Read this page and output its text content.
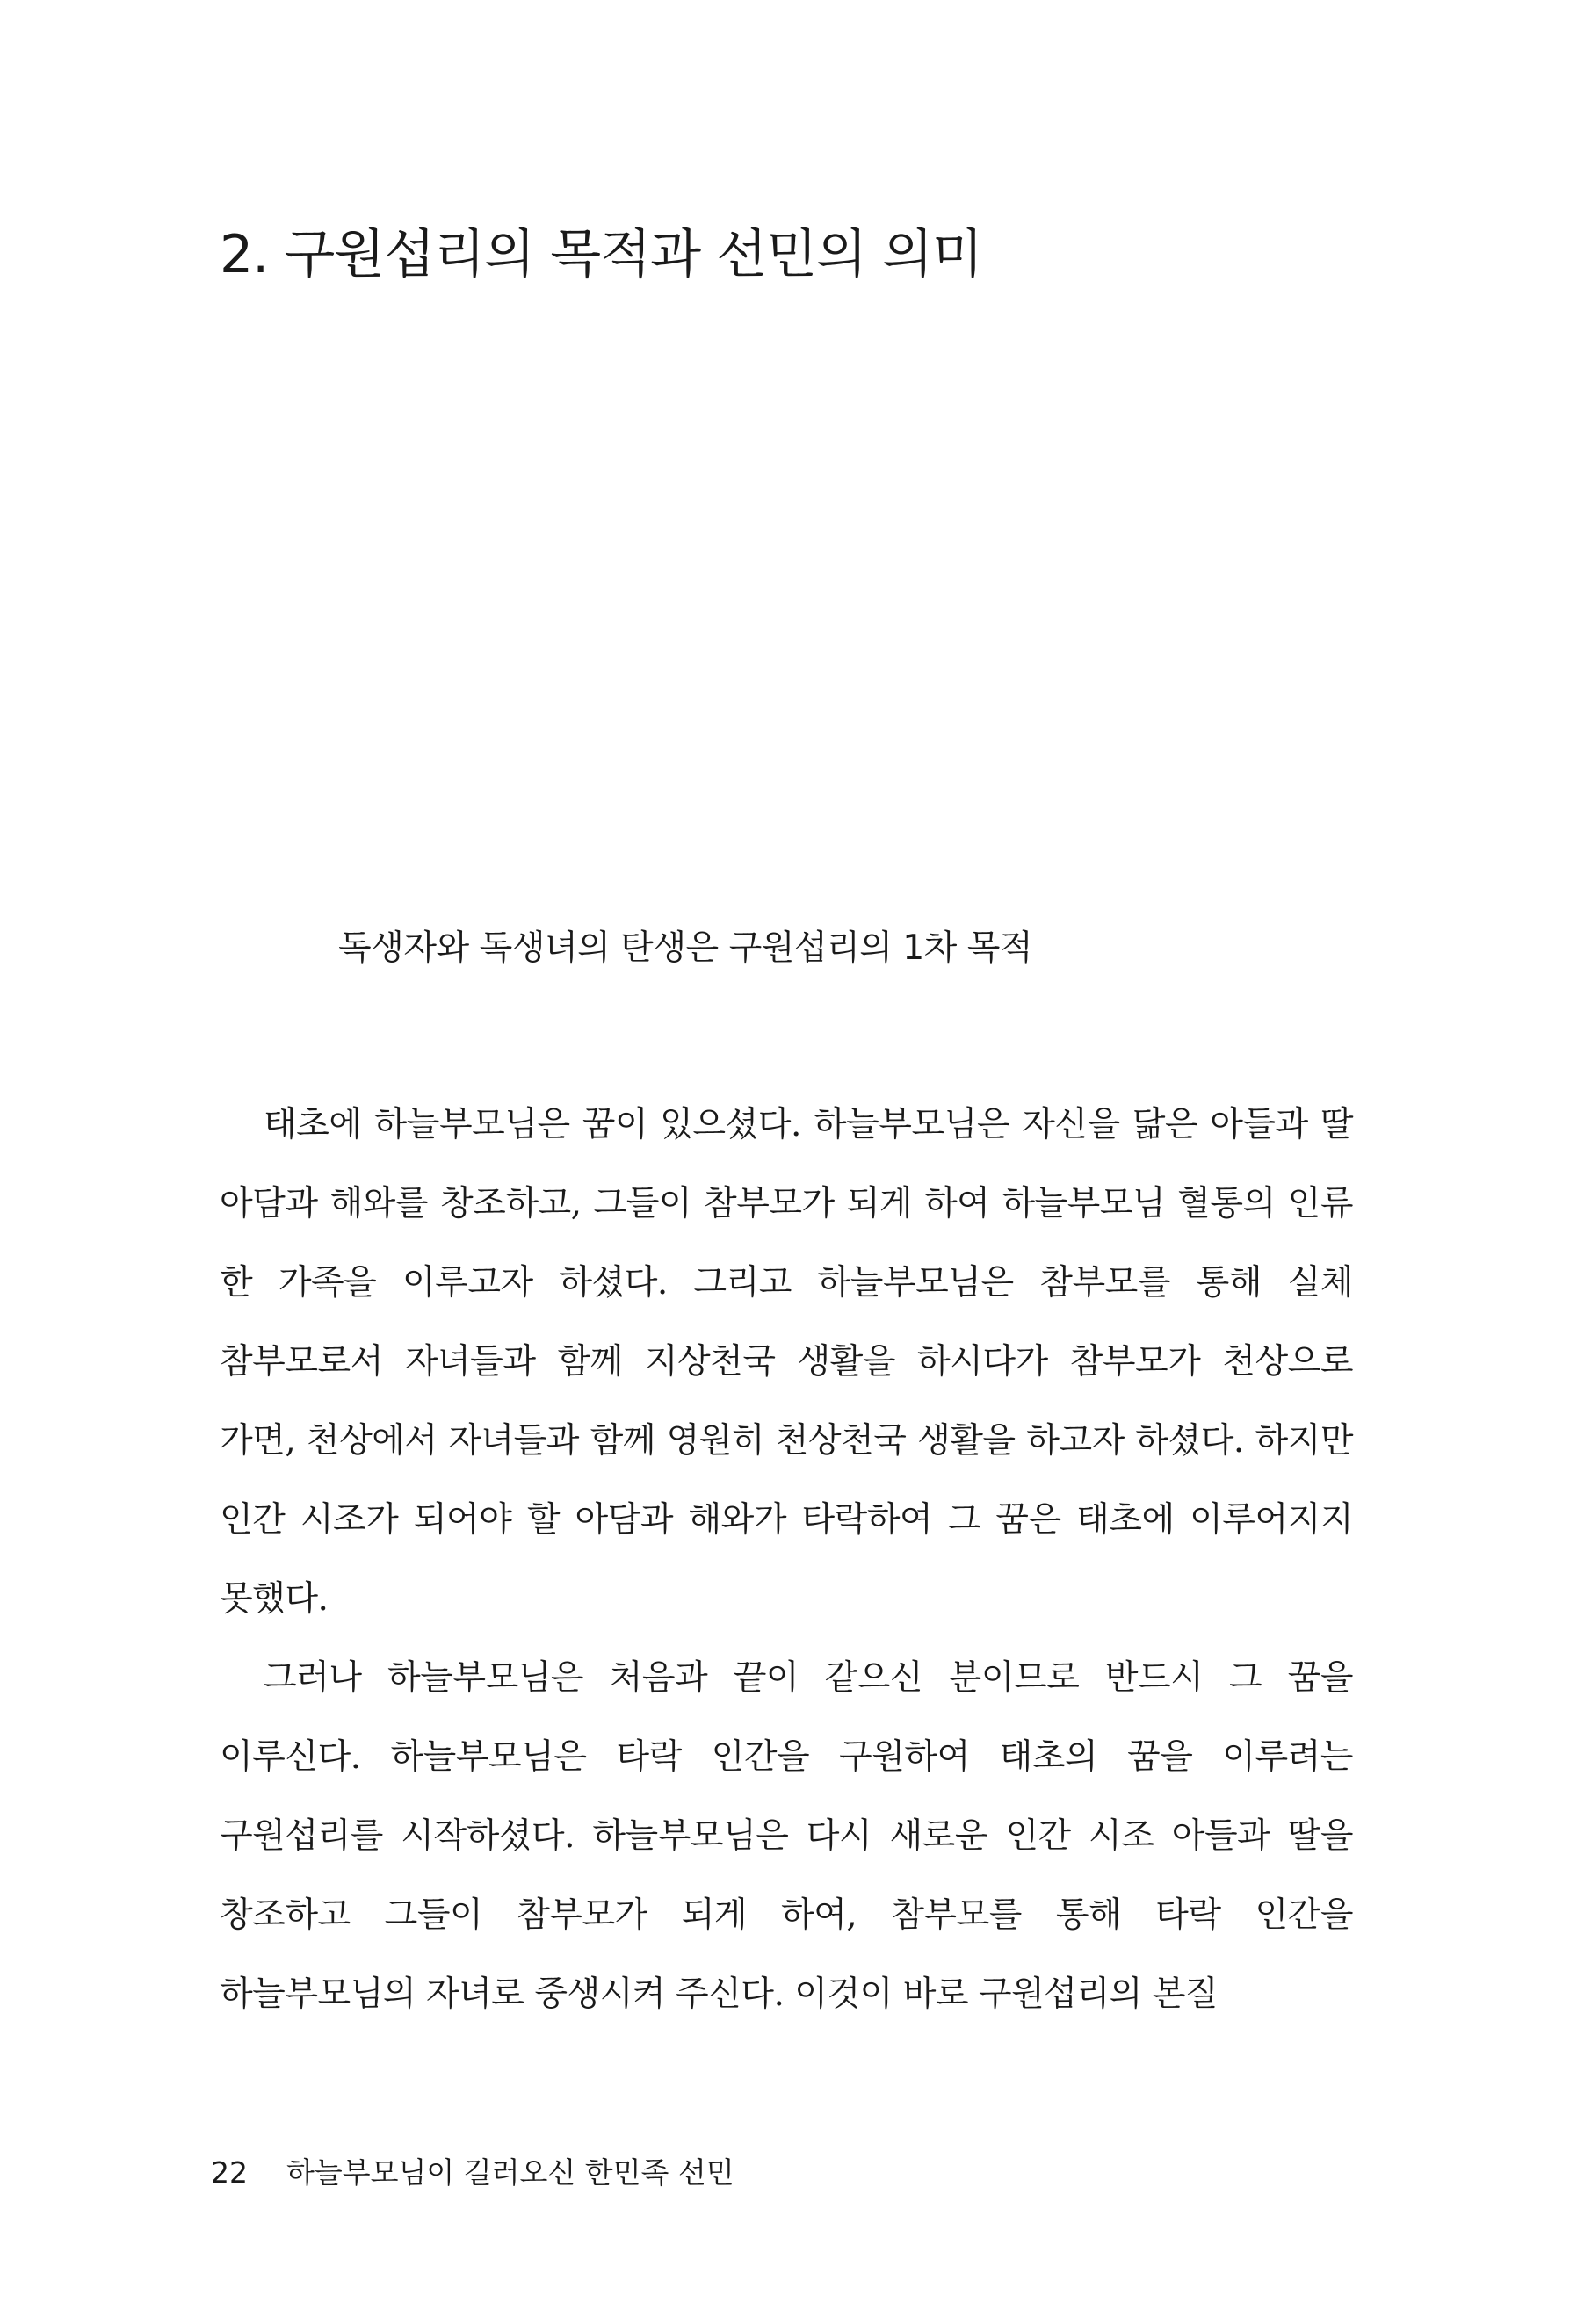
2. 구원섭리의 목적과 선민의 의미
독생자와 독생녀의 탄생은 구원섭리의 1차 목적

태초에 하늘부모님은 꿈이 있으셨다. 하늘부모님은 자신을 닮은 아들과 딸 아담과 해와를 창조하고, 그들이 참부모가 되게 하여 하늘부모님 혈통의 인류 한 가족을 이루고자 하셨다. 그리고 하늘부모님은 참부모를 통해 실체 참부모로서 자녀들과 함께 지상천국 생활을 하시다가 참부모가 천상으로 가면, 천상에서 자녀들과 함께 영원히 천상천국 생활을 하고자 하셨다. 하지만 인간 시조가 되어야 할 아담과 해와가 타락하여 그 꿈은 태초에 이루어지지 못했다.

그러나 하늘부모님은 처음과 끝이 같으신 분이므로 반드시 그 꿈을 이루신다. 하늘부모님은 타락 인간을 구원하여 태초의 꿈을 이루려는 구원섭리를 시작하셨다. 하늘부모님은 다시 새로운 인간 시조 아들과 딸을 창조하고 그들이 참부모가 되게 하여, 참부모를 통해 타락 인간을 하늘부모님의 자녀로 중생시켜 주신다. 이것이 바로 구원섭리의 본질

22 하늘부모님이 길러오신 한민족 선민
